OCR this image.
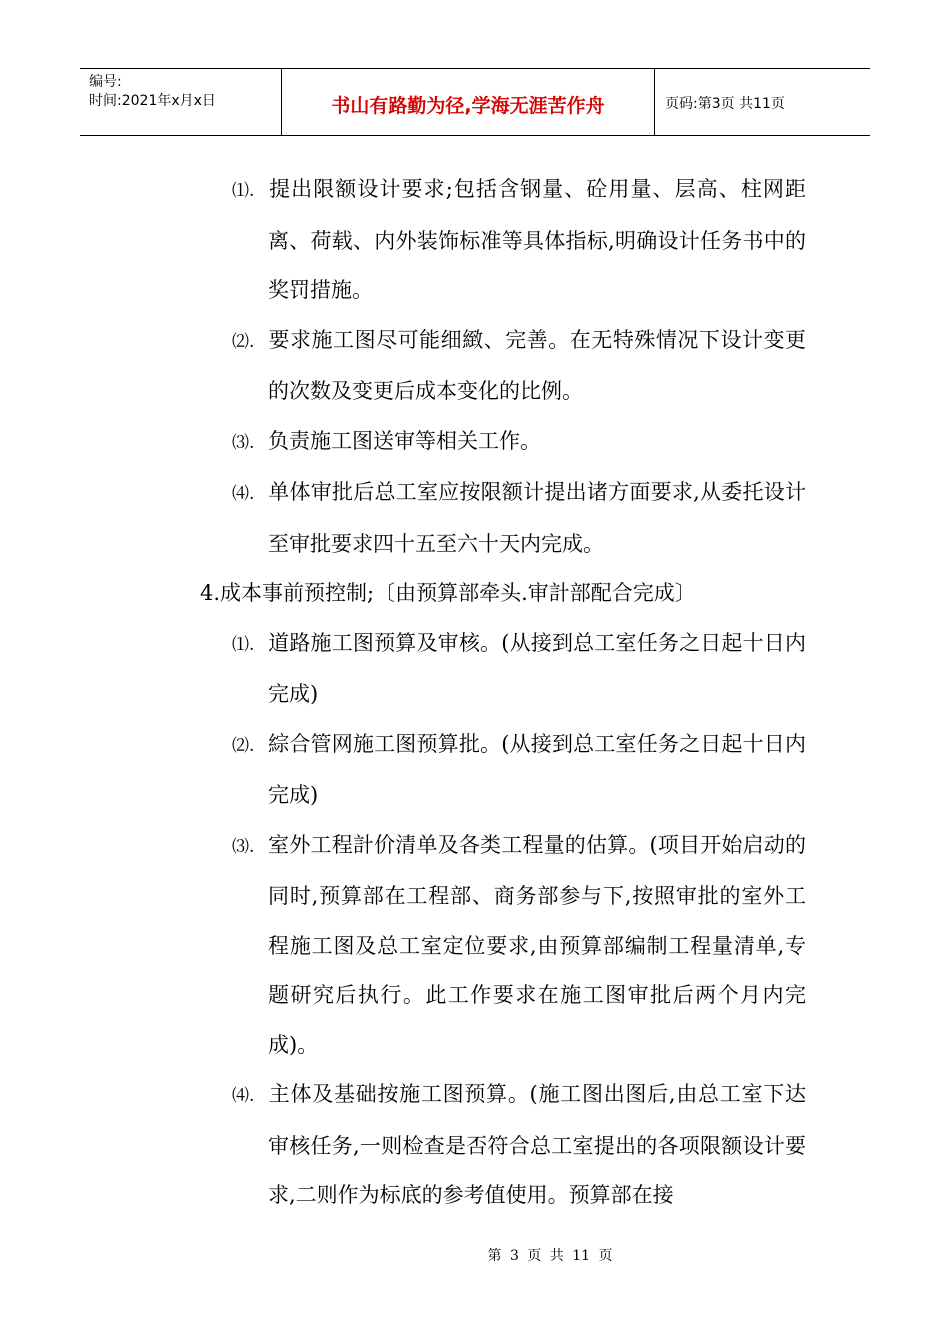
编号:
时间:2021年x月x日	书山有路勤为径,学海无涯苦作舟	页码:第3页 共11页
⑴. 提出限额设计要求;包括含钢量、砼用量、层高、柱网距离、荷载、内外装饰标准等具体指标,明确设计任务书中的奖罚措施。
⑵. 要求施工图尽可能细緻、完善。在无特殊情况下设计变更的次数及变更后成本变化的比例。
⑶. 负责施工图送审等相关工作。
⑷. 单体审批后总工室应按限额计提出诸方面要求,从委托设计至审批要求四十五至六十天内完成。
4.成本事前预控制;〔由预算部牵头.审計部配合完成〕
⑴. 道路施工图预算及审核。(从接到总工室任务之日起十日内完成)
⑵. 綜合管网施工图预算批。(从接到总工室任务之日起十日内完成)
⑶. 室外工程計价清单及各类工程量的估算。(项目开始启动的同时,预算部在工程部、商务部参与下,按照审批的室外工程施工图及总工室定位要求,由预算部编制工程量清单,专题研究后执行。此工作要求在施工图审批后两个月内完成)。
⑷. 主体及基础按施工图预算。(施工图出图后,由总工室下达审核任务,一则检查是否符合总工室提出的各项限额设计要求,二则作为标底的参考值使用。预算部在接
第 3 页 共 11 页
